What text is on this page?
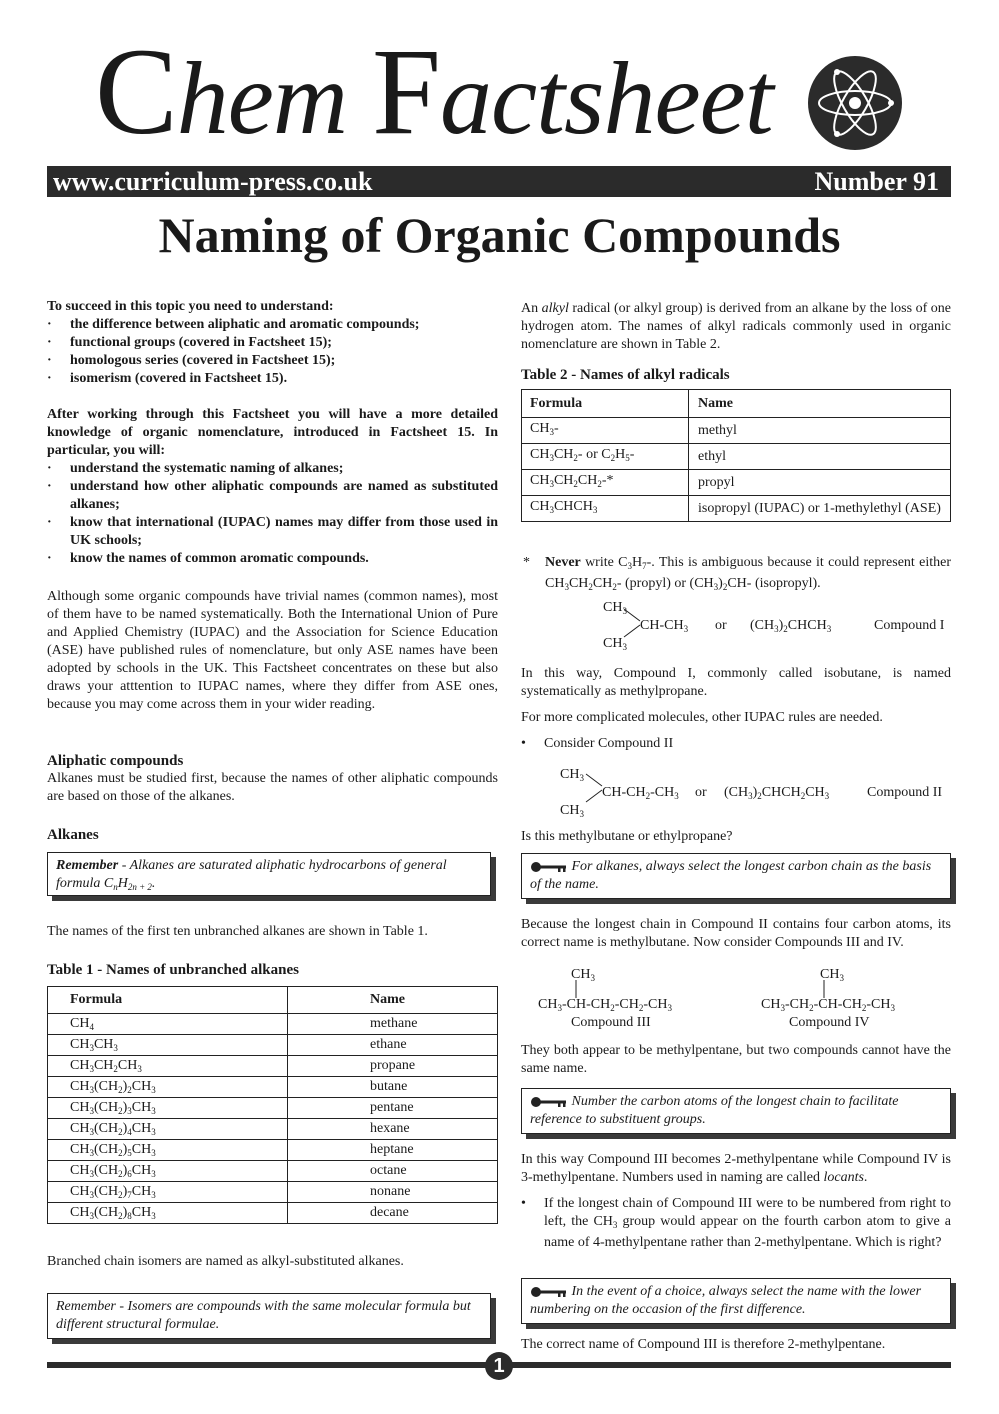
Chem Factsheet
www.curriculum-press.co.uk	Number 91
Naming of Organic Compounds

To succeed in this topic you need to understand:

· the difference between aliphatic and aromatic compounds;
· functional groups (covered in Factsheet 15);
· homologous series (covered in Factsheet 15);
· isomerism (covered in Factsheet 15).

After working through this Factsheet you will have a more detailed knowledge of organic nomenclature, introduced in Factsheet 15. In particular, you will:

· understand the systematic naming of alkanes;
· understand how other aliphatic compounds are named as substituted alkanes;
· know that international (IUPAC) names may differ from those used in UK schools;
· know the names of common aromatic compounds.

Although some organic compounds have trivial names (common names), most of them have to be named systematically. Both the International Union of Pure and Applied Chemistry (IUPAC) and the Association for Science Education (ASE) have published rules of nomenclature, but only ASE names have been adopted by schools in the UK. This Factsheet concentrates on these but also draws your atttention to IUPAC names, where they differ from ASE ones, because you may come across them in your wider reading.

Aliphatic compounds

Alkanes must be studied first, because the names of other aliphatic compounds are based on those of the alkanes.

Alkanes

Remember - Alkanes are saturated aliphatic hydrocarbons of general formula $C_nH_{2n + 2}$.

The names of the first ten unbranched alkanes are shown in Table 1.

Table 1 - Names of unbranched alkanes

Formula	Name
$CH_4$	methane
$CH_3CH_3$	ethane
$CH_3CH_2CH_3$	propane
$CH_3(CH_2)_2CH_3$	butane
$CH_3(CH_2)_3CH_3$	pentane
$CH_3(CH_2)_4CH_3$	hexane
$CH_3(CH_2)_5CH_3$	heptane
$CH_3(CH_2)_6CH_3$	octane
$CH_3(CH_2)_7CH_3$	nonane
$CH_3(CH_2)_8CH_3$	decane

Branched chain isomers are named as alkyl-substituted alkanes.

Remember - Isomers are compounds with the same molecular formula but different structural formulae.

An alkyl radical (or alkyl group) is derived from an alkane by the loss of one hydrogen atom. The names of alkyl radicals commonly used in organic nomenclature are shown in Table 2.

Table 2 - Names of alkyl radicals

Formula	Name
$CH_3-$	methyl
$CH_3CH_2-$ or $C_2H_5-$	ethyl
$CH_3CH_2CH_2-*$	propyl
$CH_3CHCH_3$	isopropyl (IUPAC) or 1-methylethyl (ASE)
*	Never write $C_3H_7-$. This is ambiguous because it could represent either $CH_3CH_2CH_2-$ (propyl) or $(CH_3)_2CH-$ (isopropyl).
$CH_3$
$CH-CH_3$
$CH_3$
or $(CH_3)_2CHCH_3$	Compound I

In this way, Compound I, commonly called isobutane, is named systematically as methylpropane.

For more complicated molecules, other IUPAC rules are needed.

• Consider Compound II
$CH_3$
$CH-CH_2-CH_3$
$CH_3$
or $(CH_3)_2CHCH_2CH_3$	Compound II

Is this methylbutane or ethylpropane?

For alkanes, always select the longest carbon chain as the basis of the name.

Because the longest chain in Compound II contains four carbon atoms, its correct name is methylbutane. Now consider Compounds III and IV.

$CH_3$
$CH_3-CH-CH_2-CH_2-CH_3$
Compound III
$CH_3$
$CH_3-CH_2-CH-CH_2-CH_3$
Compound IV

They both appear to be methylpentane, but two compounds cannot have the same name.

Number the carbon atoms of the longest chain to facilitate reference to substituent groups.

In this way Compound III becomes 2-methylpentane while Compound IV is 3-methylpentane. Numbers used in naming are called locants.

• If the longest chain of Compound III were to be numbered from right to left, the $CH_3$ group would appear on the fourth carbon atom to give a name of 4-methylpentane rather than 2-methylpentane. Which is right?
In the event of a choice, always select the name with the lower numbering on the occasion of the first difference.

The correct name of Compound III is therefore 2-methylpentane.

1
